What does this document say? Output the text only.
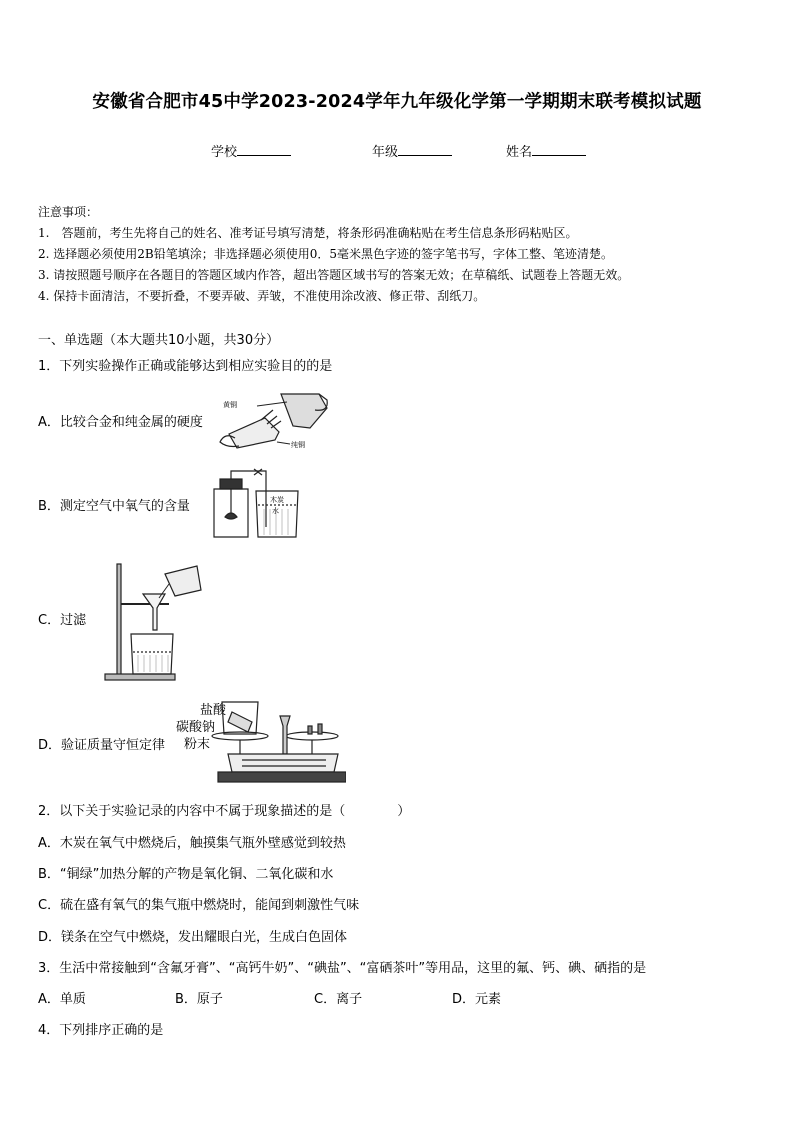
安徽省合肥市45中学2023-2024学年九年级化学第一学期期末联考模拟试题
学校	年级	姓名
注意事项：
1.　答题前，考生先将自己的姓名、准考证号填写清楚，将条形码准确粘贴在考生信息条形码粘贴区。
2. 选择题必须使用2B铅笔填涂；非选择题必须使用0．5毫米黑色字迹的签字笔书写，字体工整、笔迹清楚。
3. 请按照题号顺序在各题目的答题区域内作答，超出答题区域书写的答案无效；在草稿纸、试题卷上答题无效。
4. 保持卡面清洁，不要折叠，不要弄破、弄皱，不准使用涂改液、修正带、刮纸刀。
一、单选题（本大题共10小题，共30分）
1．下列实验操作正确或能够达到相应实验目的的是
A．比较合金和纯金属的硬度
B．测定空气中氧气的含量
C．过滤
D．验证质量守恒定律
黄铜
纯铜
木炭
水
盐酸
碳酸钠
粉末
2．以下关于实验记录的内容中不属于现象描述的是（　　　　）
A．木炭在氧气中燃烧后，触摸集气瓶外壁感觉到较热
B．“铜绿”加热分解的产物是氧化铜、二氧化碳和水
C．硫在盛有氧气的集气瓶中燃烧时，能闻到刺激性气味
D．镁条在空气中燃烧，发出耀眼白光，生成白色固体
3．生活中常接触到“含氟牙膏”、“高钙牛奶”、“碘盐”、“富硒茶叶”等用品，这里的氟、钙、碘、硒指的是
A．单质	B．原子	C．离子	D．元素
4．下列排序正确的是
